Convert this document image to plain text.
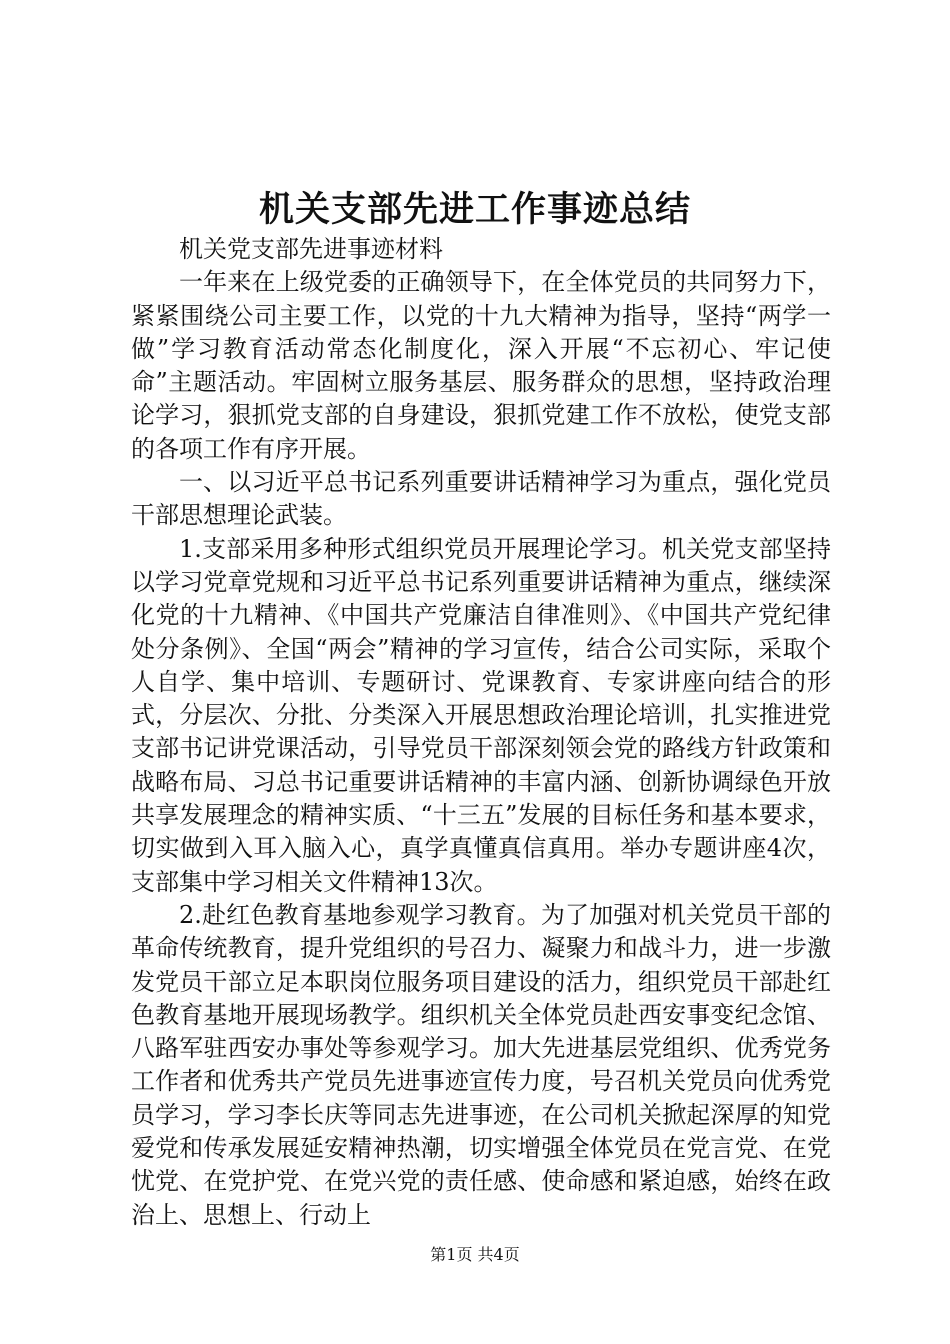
机关支部先进工作事迹总结

机关党支部先进事迹材料

一年来在上级党委的正确领导下，在全体党员的共同努力下，紧紧围绕公司主要工作，以党的十九大精神为指导，坚持“两学一做”学习教育活动常态化制度化，深入开展“不忘初心、牢记使命”主题活动。牢固树立服务基层、服务群众的思想，坚持政治理论学习，狠抓党支部的自身建设，狠抓党建工作不放松，使党支部的各项工作有序开展。

一、以习近平总书记系列重要讲话精神学习为重点，强化党员干部思想理论武装。

1.支部采用多种形式组织党员开展理论学习。机关党支部坚持以学习党章党规和习近平总书记系列重要讲话精神为重点，继续深化党的十九精神、《中国共产党廉洁自律准则》、《中国共产党纪律处分条例》、全国“两会”精神的学习宣传，结合公司实际，采取个人自学、集中培训、专题研讨、党课教育、专家讲座向结合的形式，分层次、分批、分类深入开展思想政治理论培训，扎实推进党支部书记讲党课活动，引导党员干部深刻领会党的路线方针政策和战略布局、习总书记重要讲话精神的丰富内涵、创新协调绿色开放共享发展理念的精神实质、“十三五”发展的目标任务和基本要求，切实做到入耳入脑入心，真学真懂真信真用。举办专题讲座4次，支部集中学习相关文件精神13次。

2.赴红色教育基地参观学习教育。为了加强对机关党员干部的革命传统教育，提升党组织的号召力、凝聚力和战斗力，进一步激发党员干部立足本职岗位服务项目建设的活力，组织党员干部赴红色教育基地开展现场教学。组织机关全体党员赴西安事变纪念馆、八路军驻西安办事处等参观学习。加大先进基层党组织、优秀党务工作者和优秀共产党员先进事迹宣传力度，号召机关党员向优秀党员学习，学习李长庆等同志先进事迹，在公司机关掀起深厚的知党爱党和传承发展延安精神热潮，切实增强全体党员在党言党、在党忧党、在党护党、在党兴党的责任感、使命感和紧迫感，始终在政治上、思想上、行动上

第1页 共4页
